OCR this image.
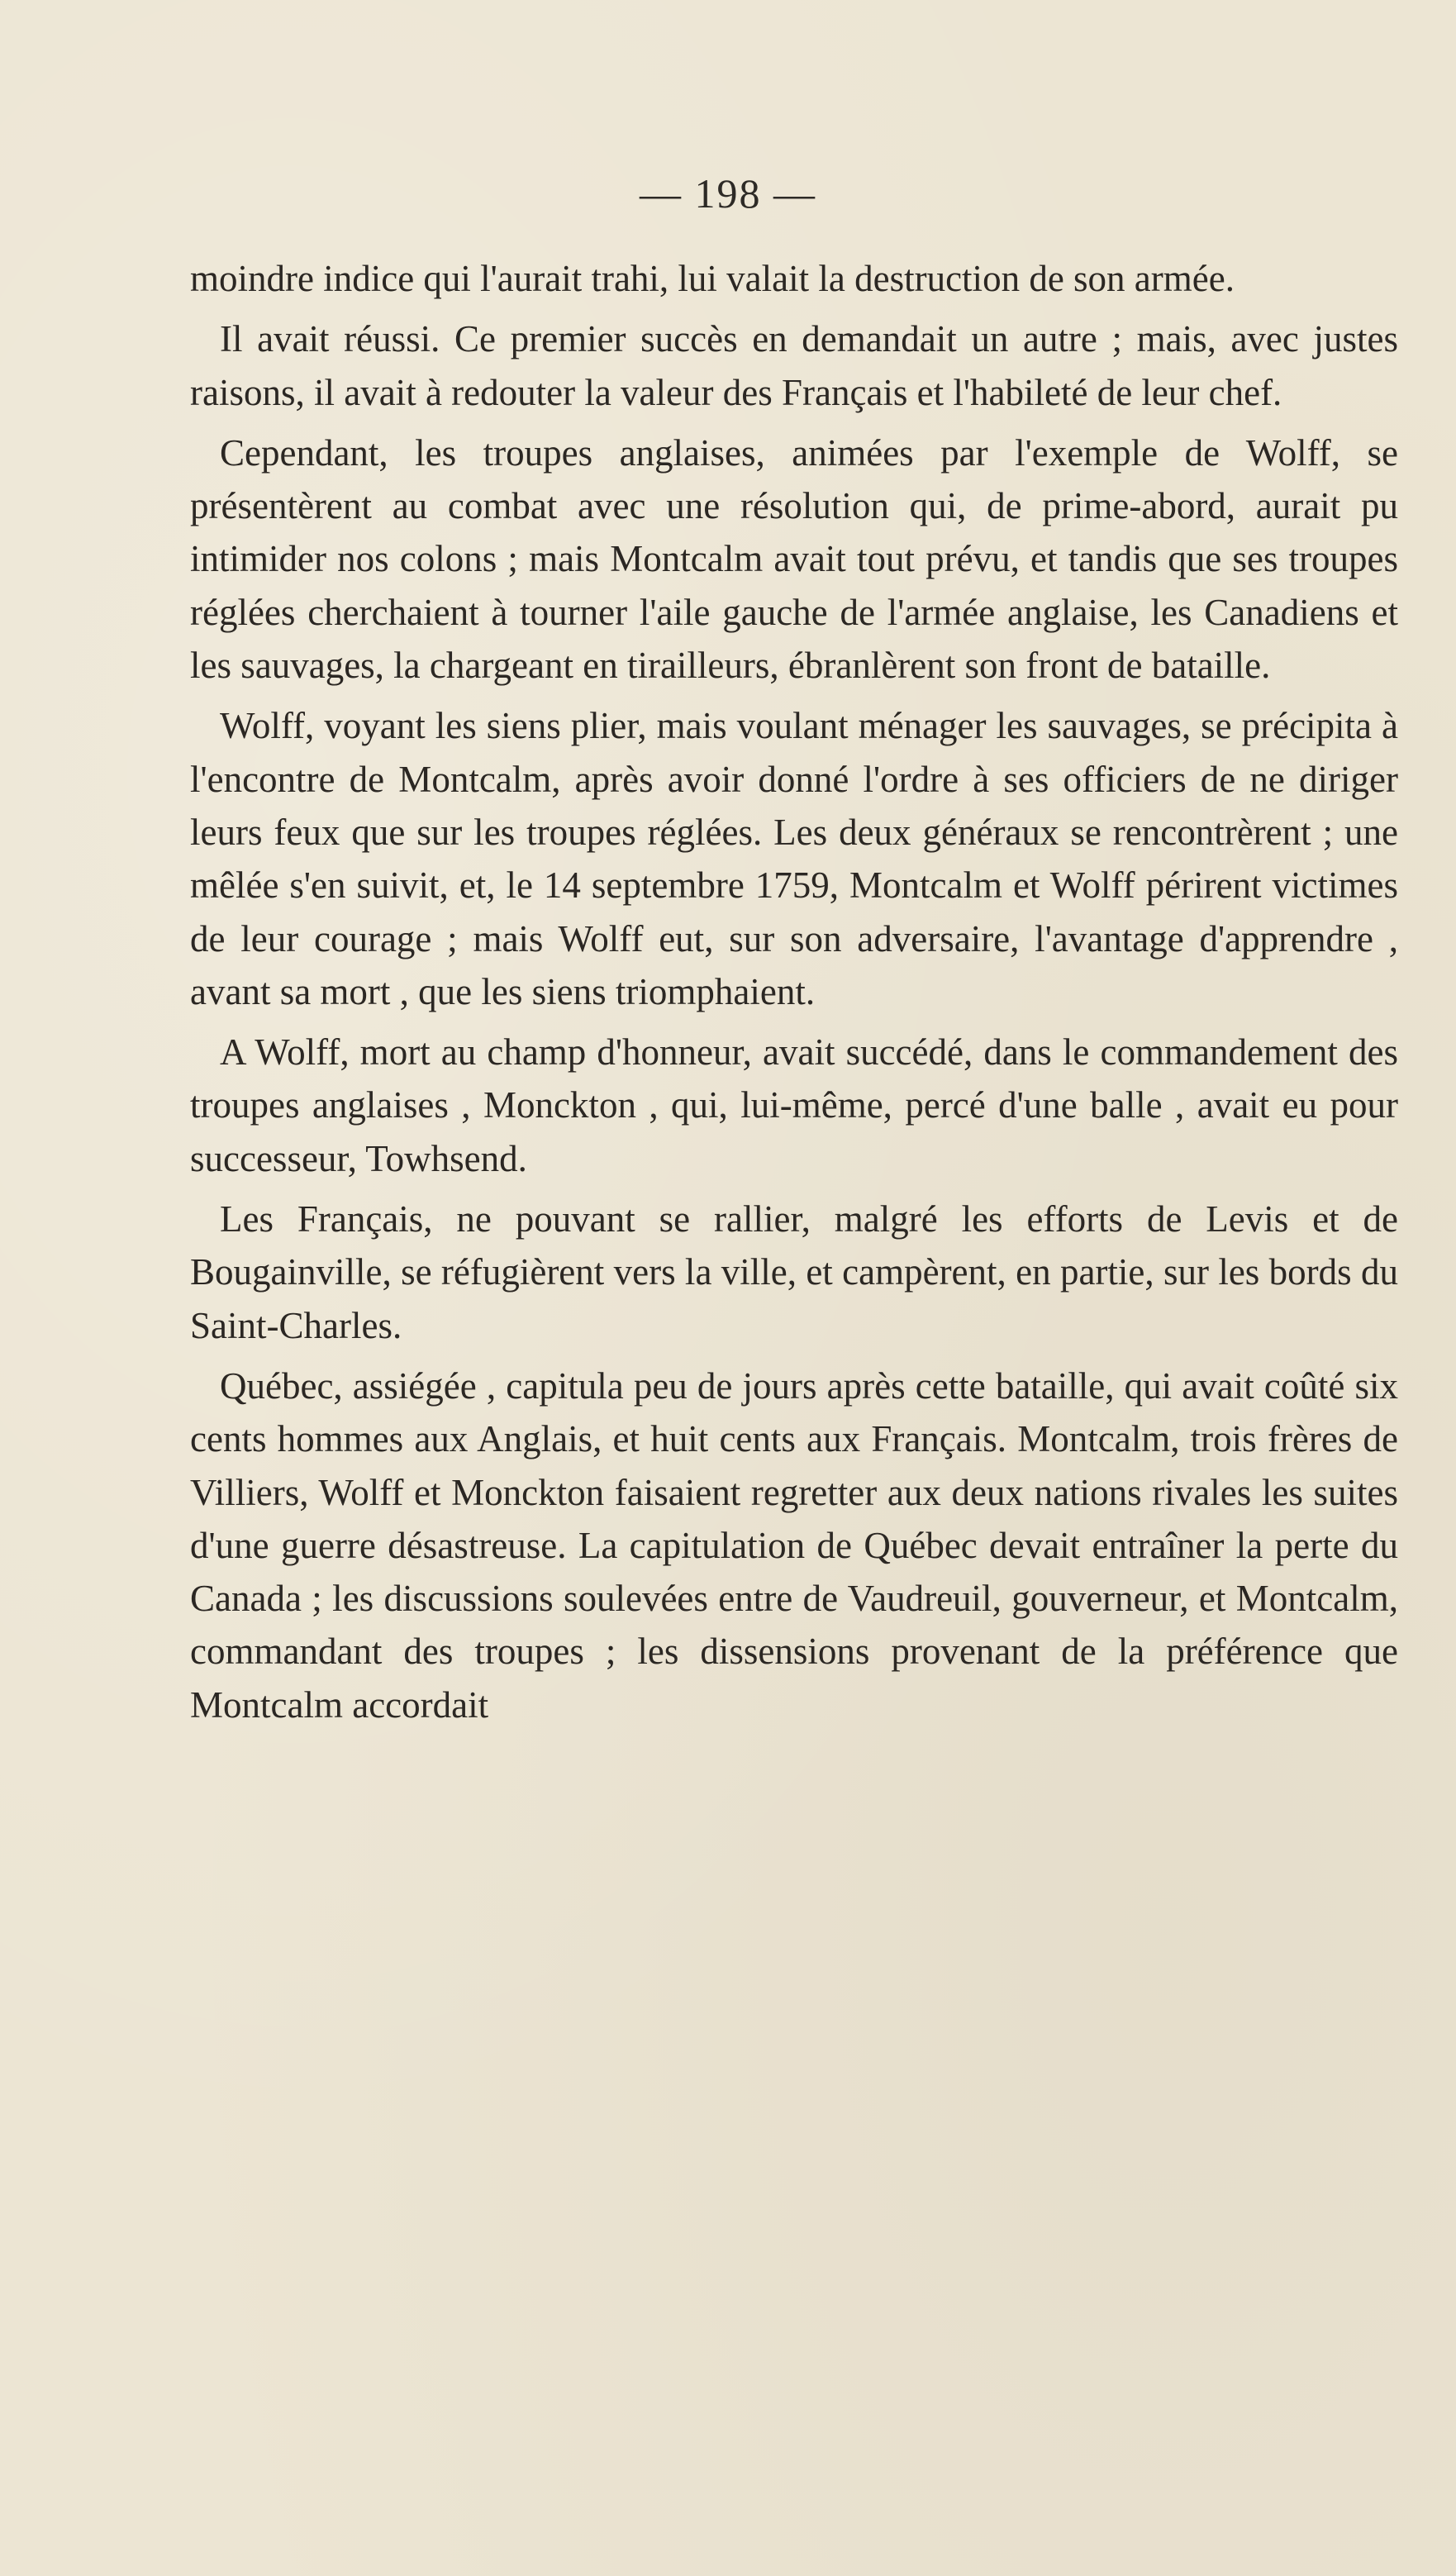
— 198 —

moindre indice qui l'aurait trahi, lui valait la destruction de son armée.

Il avait réussi. Ce premier succès en demandait un autre ; mais, avec justes raisons, il avait à redouter la valeur des Français et l'habileté de leur chef.

Cependant, les troupes anglaises, animées par l'exemple de Wolff, se présentèrent au combat avec une résolution qui, de prime-abord, aurait pu intimider nos colons ; mais Montcalm avait tout prévu, et tandis que ses troupes réglées cherchaient à tourner l'aile gauche de l'armée anglaise, les Canadiens et les sauvages, la chargeant en tirailleurs, ébranlèrent son front de bataille.

Wolff, voyant les siens plier, mais voulant ménager les sauvages, se précipita à l'encontre de Montcalm, après avoir donné l'ordre à ses officiers de ne diriger leurs feux que sur les troupes réglées. Les deux généraux se rencontrèrent ; une mêlée s'en suivit, et, le 14 septembre 1759, Montcalm et Wolff périrent victimes de leur courage ; mais Wolff eut, sur son adversaire, l'avantage d'apprendre , avant sa mort , que les siens triomphaient.

A Wolff, mort au champ d'honneur, avait succédé, dans le commandement des troupes anglaises , Monckton , qui, lui-même, percé d'une balle , avait eu pour successeur, Towhsend.

Les Français, ne pouvant se rallier, malgré les efforts de Levis et de Bougainville, se réfugièrent vers la ville, et campèrent, en partie, sur les bords du Saint-Charles.

Québec, assiégée , capitula peu de jours après cette bataille, qui avait coûté six cents hommes aux Anglais, et huit cents aux Français. Montcalm, trois frères de Villiers, Wolff et Monckton faisaient regretter aux deux nations rivales les suites d'une guerre désastreuse. La capitulation de Québec devait entraîner la perte du Canada ; les discussions soulevées entre de Vaudreuil, gouverneur, et Montcalm, commandant des troupes ; les dissensions provenant de la préférence que Montcalm accordait
